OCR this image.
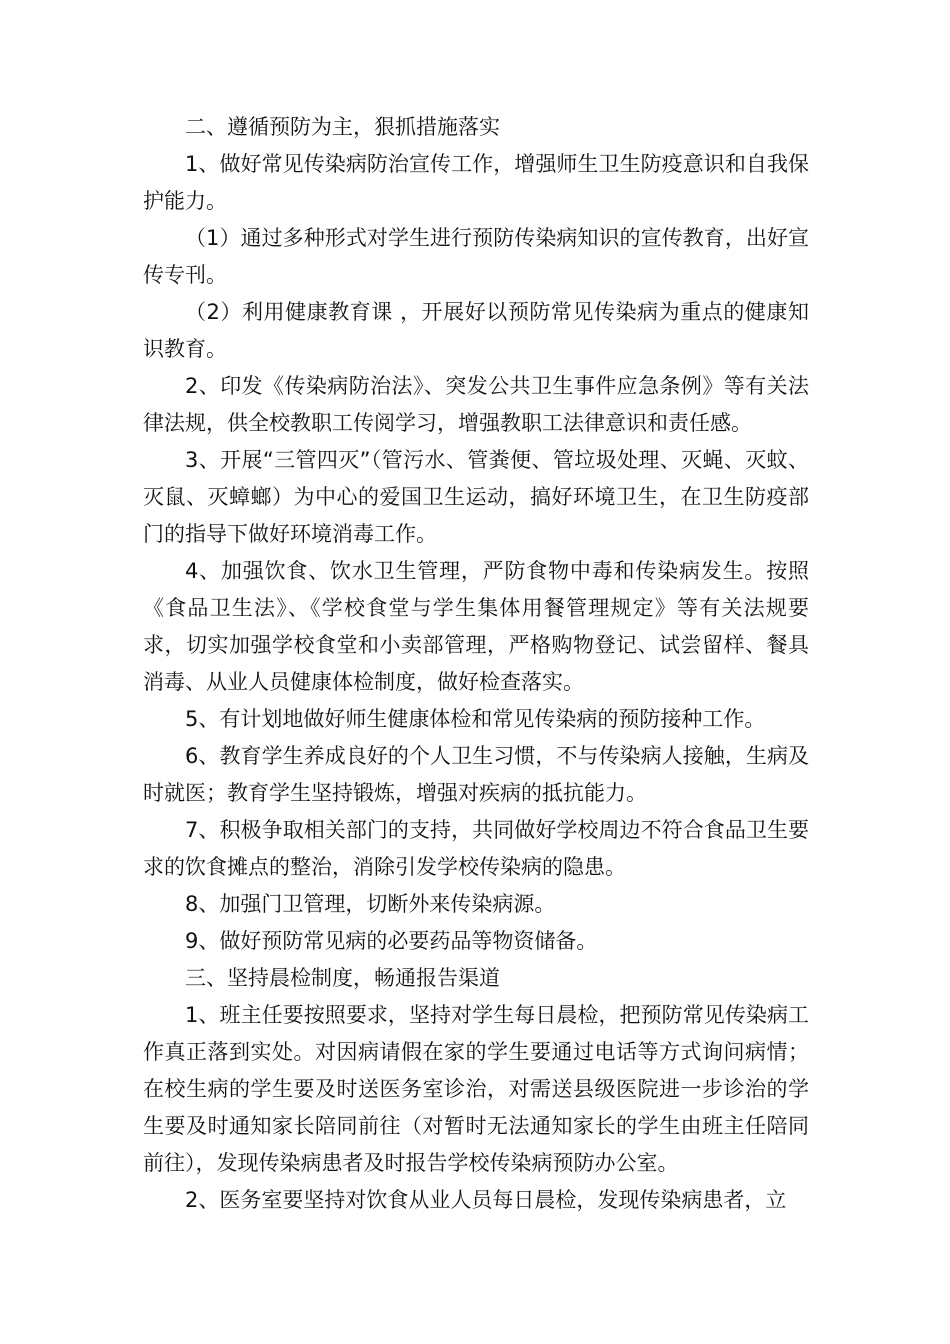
二、遵循预防为主，狠抓措施落实

1、做好常见传染病防治宣传工作，增强师生卫生防疫意识和自我保护能力。

（1）通过多种形式对学生进行预防传染病知识的宣传教育，出好宣传专刊。

（2）利用健康教育课 ，开展好以预防常见传染病为重点的健康知识教育。

2、印发《传染病防治法》、突发公共卫生事件应急条例》等有关法律法规，供全校教职工传阅学习，增强教职工法律意识和责任感。

3、开展“三管四灭”（管污水、管粪便、管垃圾处理、灭蝇、灭蚊、灭鼠、灭蟑螂）为中心的爱国卫生运动，搞好环境卫生，在卫生防疫部门的指导下做好环境消毒工作。

4、加强饮食、饮水卫生管理，严防食物中毒和传染病发生。按照《食品卫生法》、《学校食堂与学生集体用餐管理规定》等有关法规要求，切实加强学校食堂和小卖部管理，严格购物登记、试尝留样、餐具消毒、从业人员健康体检制度，做好检查落实。

5、有计划地做好师生健康体检和常见传染病的预防接种工作。

6、教育学生养成良好的个人卫生习惯，不与传染病人接触，生病及时就医；教育学生坚持锻炼，增强对疾病的抵抗能力。

7、积极争取相关部门的支持，共同做好学校周边不符合食品卫生要求的饮食摊点的整治，消除引发学校传染病的隐患。

8、加强门卫管理，切断外来传染病源。

9、做好预防常见病的必要药品等物资储备。

三、坚持晨检制度，畅通报告渠道

1、班主任要按照要求，坚持对学生每日晨检，把预防常见传染病工作真正落到实处。对因病请假在家的学生要通过电话等方式询问病情；在校生病的学生要及时送医务室诊治，对需送县级医院进一步诊治的学生要及时通知家长陪同前往（对暂时无法通知家长的学生由班主任陪同前往），发现传染病患者及时报告学校传染病预防办公室。

2、医务室要坚持对饮食从业人员每日晨检，发现传染病患者，立
